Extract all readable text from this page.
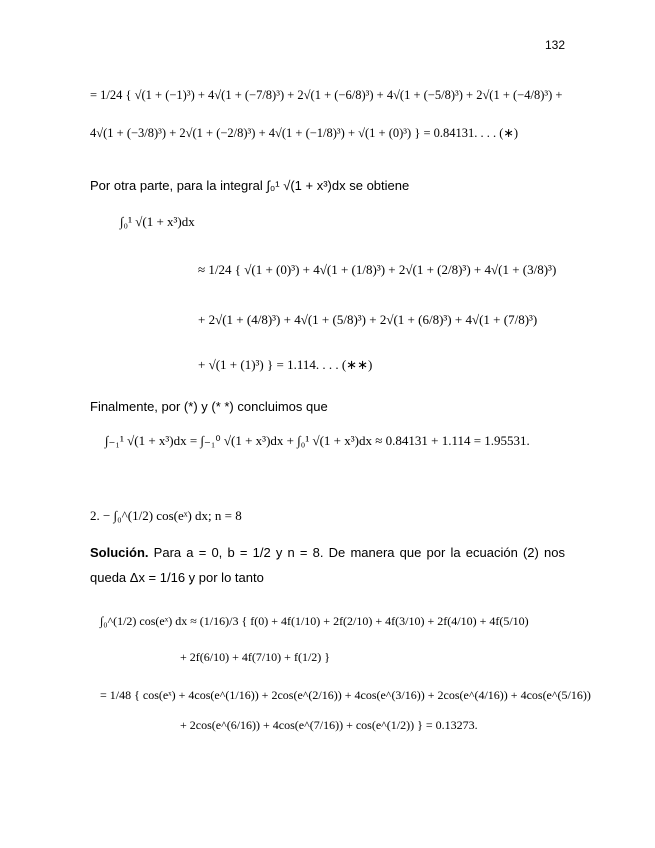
132
= 1/24 { √(1 + (−1)³) + 4√(1 + (−7/8)³) + 2√(1 + (−6/8)³) + 4√(1 + (−5/8)³) + 2√(1 + (−4/8)³) +
4√(1 + (−3/8)³) + 2√(1 + (−2/8)³) + 4√(1 + (−1/8)³) + √(1 + (0)³) } = 0.84131. . . . (∗)
Por otra parte, para la integral ∫₀¹ √(1 + x³)dx se obtiene
∫₀¹ √(1 + x³)dx
≈ 1/24 { √(1 + (0)³) + 4√(1 + (1/8)³) + 2√(1 + (2/8)³) + 4√(1 + (3/8)³)
+ 2√(1 + (4/8)³) + 4√(1 + (5/8)³) + 2√(1 + (6/8)³) + 4√(1 + (7/8)³)
+ √(1 + (1)³) } = 1.114. . . . (∗∗)
Finalmente, por (*) y (* *) concluimos que
∫₋₁¹ √(1 + x³)dx = ∫₋₁⁰ √(1 + x³)dx + ∫₀¹ √(1 + x³)dx ≈ 0.84131 + 1.114 = 1.95531.
2. − ∫₀^(1/2) cos(eˣ) dx; n = 8
Solución. Para a = 0, b = 1/2 y n = 8. De manera que por la ecuación (2) nos
queda Δx = 1/16 y por lo tanto
∫₀^(1/2) cos(eˣ) dx ≈ (1/16)/3 { f(0) + 4f(1/10) + 2f(2/10) + 4f(3/10) + 2f(4/10) + 4f(5/10)
+ 2f(6/10) + 4f(7/10) + f(1/2) }
= 1/48 { cos(eˣ) + 4cos(e^(1/16)) + 2cos(e^(2/16)) + 4cos(e^(3/16)) + 2cos(e^(4/16)) + 4cos(e^(5/16))
+ 2cos(e^(6/16)) + 4cos(e^(7/16)) + cos(e^(1/2)) } = 0.13273.
